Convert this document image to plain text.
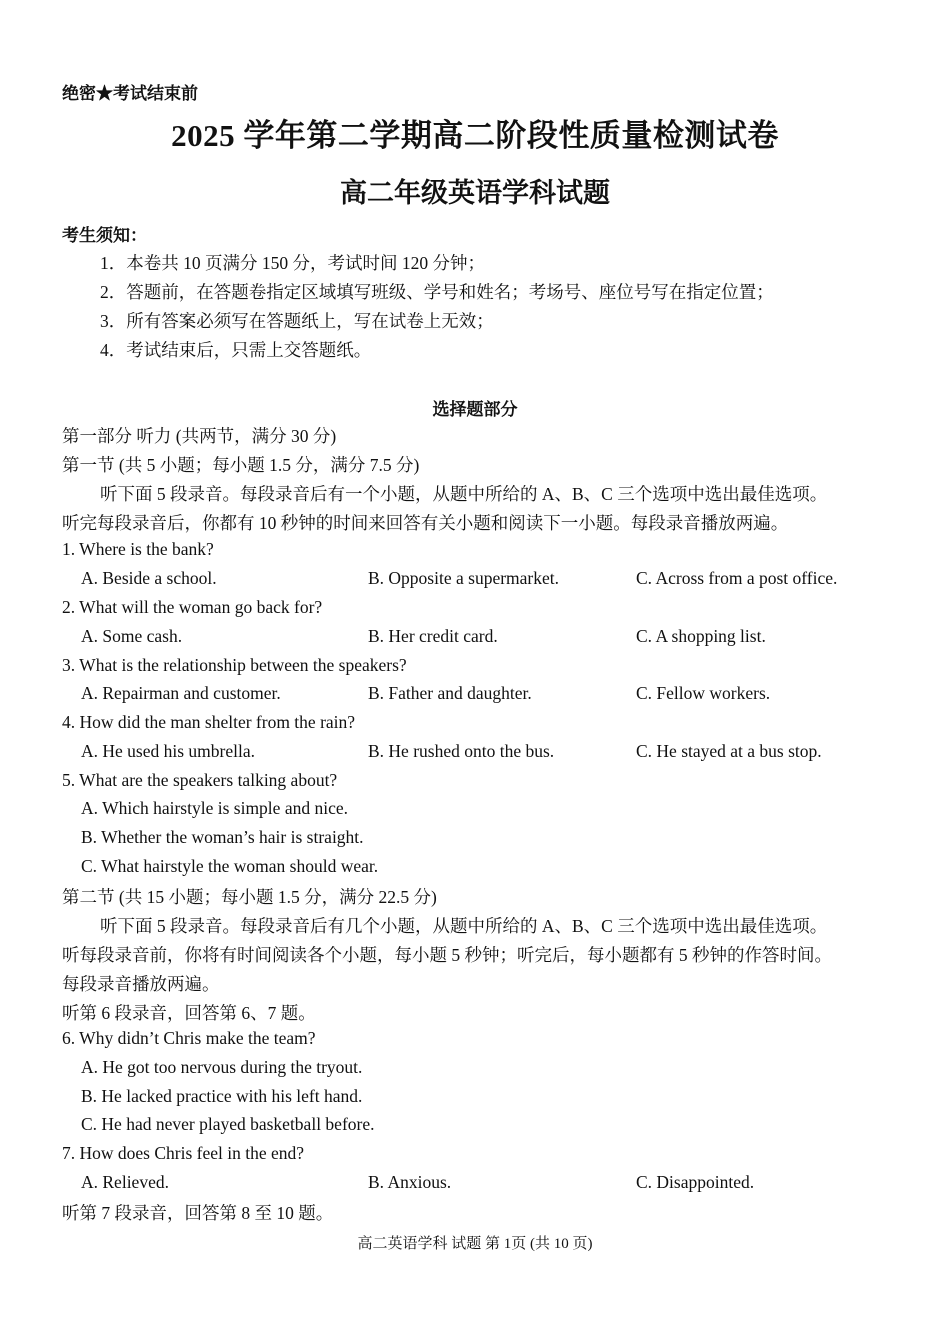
绝密★考试结束前
2025 学年第二学期高二阶段性质量检测试卷
高二年级英语学科试题
考生须知：
1．本卷共 10 页满分 150 分，考试时间 120 分钟；
2．答题前，在答题卷指定区域填写班级、学号和姓名；考场号、座位号写在指定位置；
3．所有答案必须写在答题纸上，写在试卷上无效；
4．考试结束后，只需上交答题纸。
选择题部分
第一部分 听力 (共两节，满分 30 分)
第一节 (共 5 小题；每小题 1.5 分，满分 7.5 分)
听下面 5 段录音。每段录音后有一个小题，从题中所给的 A、B、C 三个选项中选出最佳选项。
听完每段录音后，你都有 10 秒钟的时间来回答有关小题和阅读下一小题。每段录音播放两遍。
1. Where is the bank?
A. Beside a school.	B. Opposite a supermarket.	C. Across from a post office.
2. What will the woman go back for?
A. Some cash.	B. Her credit card.	C. A shopping list.
3. What is the relationship between the speakers?
A. Repairman and customer.	B. Father and daughter.	C. Fellow workers.
4. How did the man shelter from the rain?
A. He used his umbrella.	B. He rushed onto the bus.	C. He stayed at a bus stop.
5. What are the speakers talking about?
A. Which hairstyle is simple and nice.
B. Whether the woman’s hair is straight.
C. What hairstyle the woman should wear.
第二节 (共 15 小题；每小题 1.5 分，满分 22.5 分)
听下面 5 段录音。每段录音后有几个小题，从题中所给的 A、B、C 三个选项中选出最佳选项。
听每段录音前，你将有时间阅读各个小题，每小题 5 秒钟；听完后，每小题都有 5 秒钟的作答时间。
每段录音播放两遍。
听第 6 段录音，回答第 6、7 题。
6. Why didn’t Chris make the team?
A. He got too nervous during the tryout.
B. He lacked practice with his left hand.
C. He had never played basketball before.
7. How does Chris feel in the end?
A. Relieved.	B. Anxious.	C. Disappointed.
听第 7 段录音，回答第 8 至 10 题。
高二英语学科 试题 第 1页 (共 10 页)
